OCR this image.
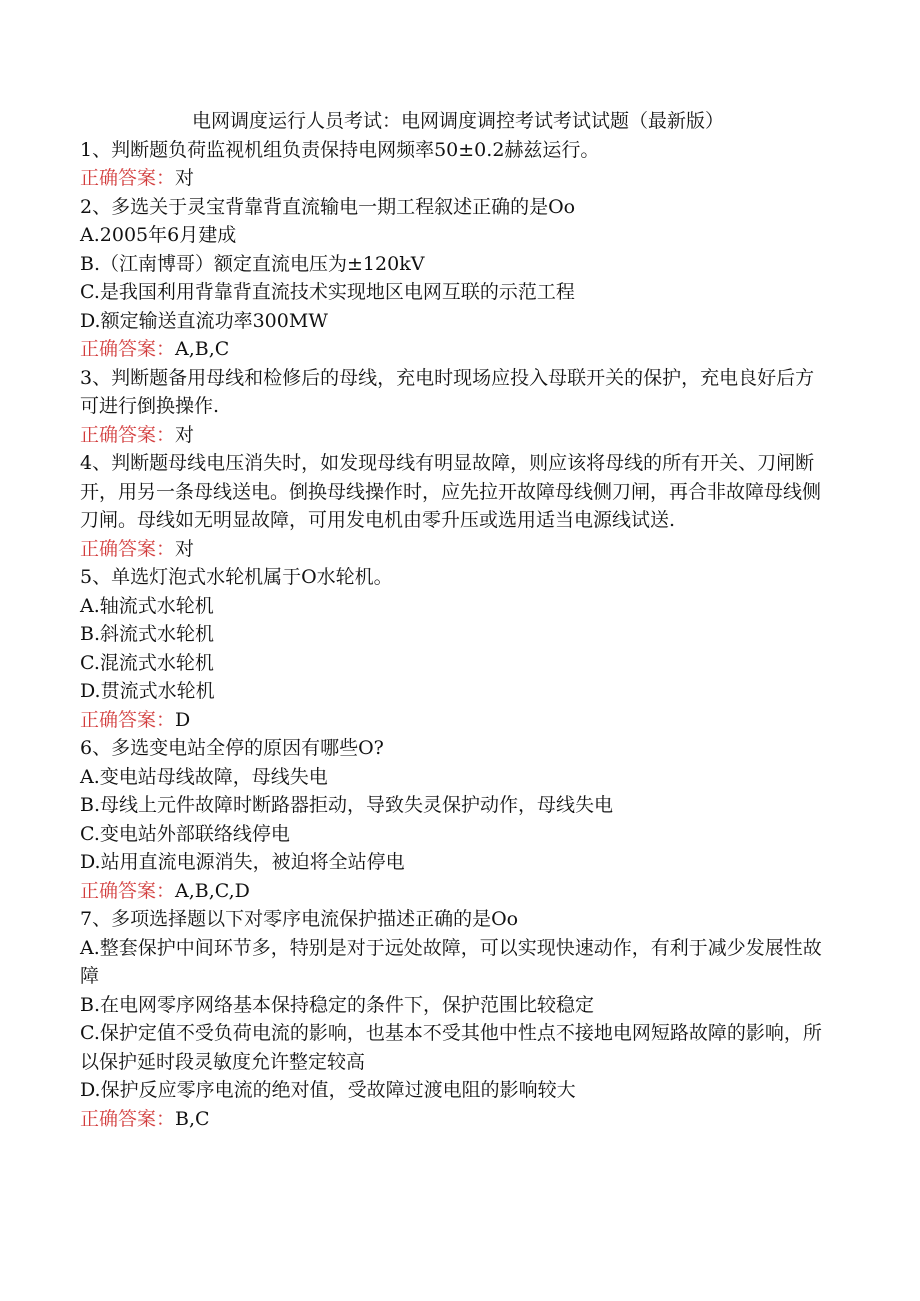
电网调度运行人员考试：电网调度调控考试考试试题（最新版）

1、判断题负荷监视机组负责保持电网频率50±0.2赫兹运行。

正确答案：对

2、多选关于灵宝背靠背直流输电一期工程叙述正确的是Oo

A.2005年6月建成

B.（江南博哥）额定直流电压为±120kV

C.是我国利用背靠背直流技术实现地区电网互联的示范工程

D.额定输送直流功率300MW

正确答案：A,B,C

3、判断题备用母线和检修后的母线，充电时现场应投入母联开关的保护，充电良好后方可进行倒换操作.

正确答案：对

4、判断题母线电压消失时，如发现母线有明显故障，则应该将母线的所有开关、刀闸断开，用另一条母线送电。倒换母线操作时，应先拉开故障母线侧刀闸，再合非故障母线侧刀闸。母线如无明显故障，可用发电机由零升压或选用适当电源线试送.

正确答案：对

5、单选灯泡式水轮机属于O水轮机。

A.轴流式水轮机

B.斜流式水轮机

C.混流式水轮机

D.贯流式水轮机

正确答案：D

6、多选变电站全停的原因有哪些O?

A.变电站母线故障，母线失电

B.母线上元件故障时断路器拒动，导致失灵保护动作，母线失电

C.变电站外部联络线停电

D.站用直流电源消失，被迫将全站停电

正确答案：A,B,C,D

7、多项选择题以下对零序电流保护描述正确的是Oo

A.整套保护中间环节多，特别是对于远处故障，可以实现快速动作，有利于减少发展性故障

B.在电网零序网络基本保持稳定的条件下，保护范围比较稳定

C.保护定值不受负荷电流的影响，也基本不受其他中性点不接地电网短路故障的影响，所以保护延时段灵敏度允许整定较高

D.保护反应零序电流的绝对值，受故障过渡电阻的影响较大

正确答案：B,C
